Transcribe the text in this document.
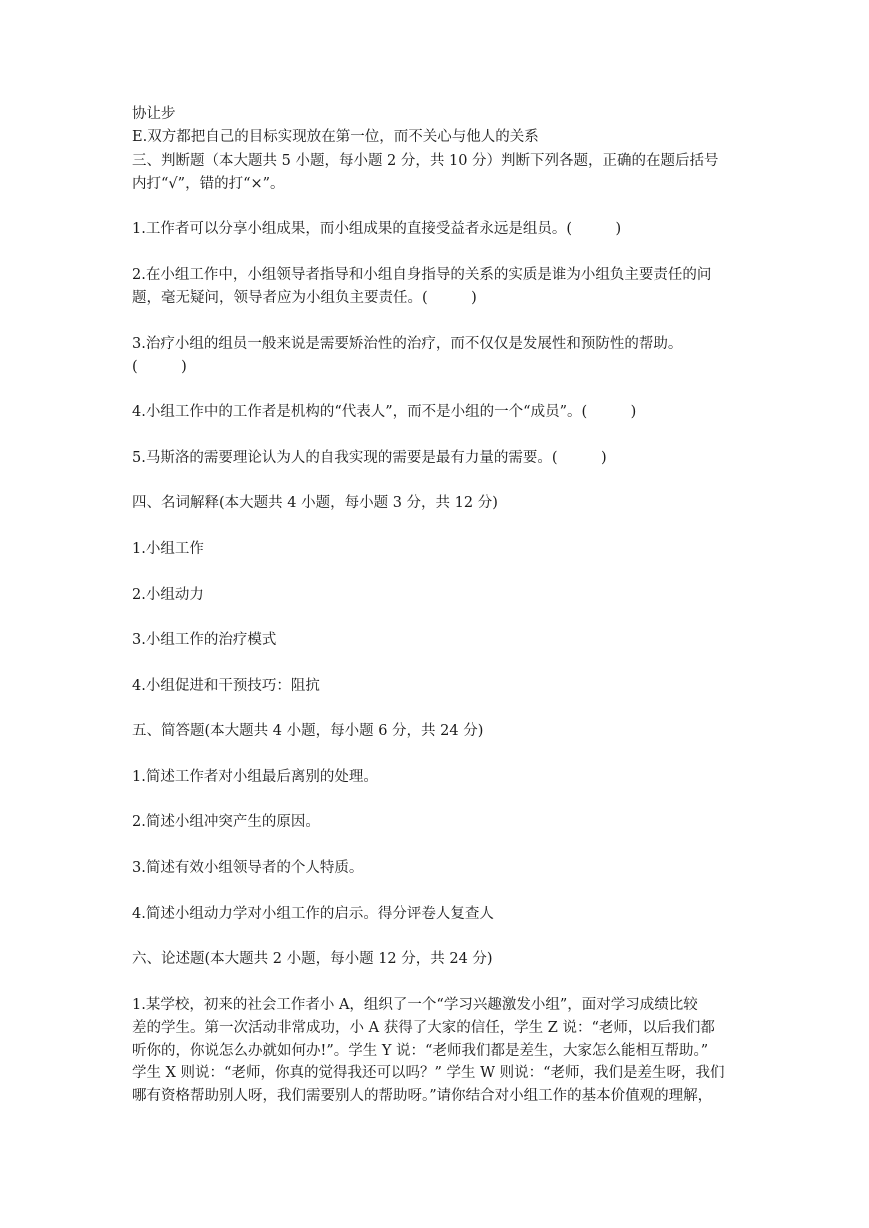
协让步
E.双方都把自己的目标实现放在第一位，而不关心与他人的关系
三、判断题（本大题共 5 小题，每小题 2 分，共 10 分）判断下列各题，正确的在题后括号
内打“√”，错的打“×”。
1.工作者可以分享小组成果，而小组成果的直接受益者永远是组员。(　　　)
2.在小组工作中，小组领导者指导和小组自身指导的关系的实质是谁为小组负主要责任的问
题，毫无疑问，领导者应为小组负主要责任。(　　　)
3.治疗小组的组员一般来说是需要矫治性的治疗，而不仅仅是发展性和预防性的帮助。
(　　　)
4.小组工作中的工作者是机构的“代表人”，而不是小组的一个“成员”。(　　　)
5.马斯洛的需要理论认为人的自我实现的需要是最有力量的需要。(　　　)
四、名词解释(本大题共 4 小题，每小题 3 分，共 12 分)
1.小组工作
2.小组动力
3.小组工作的治疗模式
4.小组促进和干预技巧：阻抗
五、简答题(本大题共 4 小题，每小题 6 分，共 24 分)
1.简述工作者对小组最后离别的处理。
2.简述小组冲突产生的原因。
3.简述有效小组领导者的个人特质。
4.简述小组动力学对小组工作的启示。得分评卷人复查人
六、论述题(本大题共 2 小题，每小题 12 分，共 24 分)
1.某学校，初来的社会工作者小 A，组织了一个“学习兴趣激发小组”，面对学习成绩比较
差的学生。第一次活动非常成功，小 A 获得了大家的信任，学生 Z 说：“老师，以后我们都
听你的，你说怎么办就如何办!”。学生 Y 说：“老师我们都是差生，大家怎么能相互帮助。”
学生 X 则说：“老师，你真的觉得我还可以吗？” 学生 W 则说：“老师，我们是差生呀，我们
哪有资格帮助别人呀，我们需要别人的帮助呀。”请你结合对小组工作的基本价值观的理解，
